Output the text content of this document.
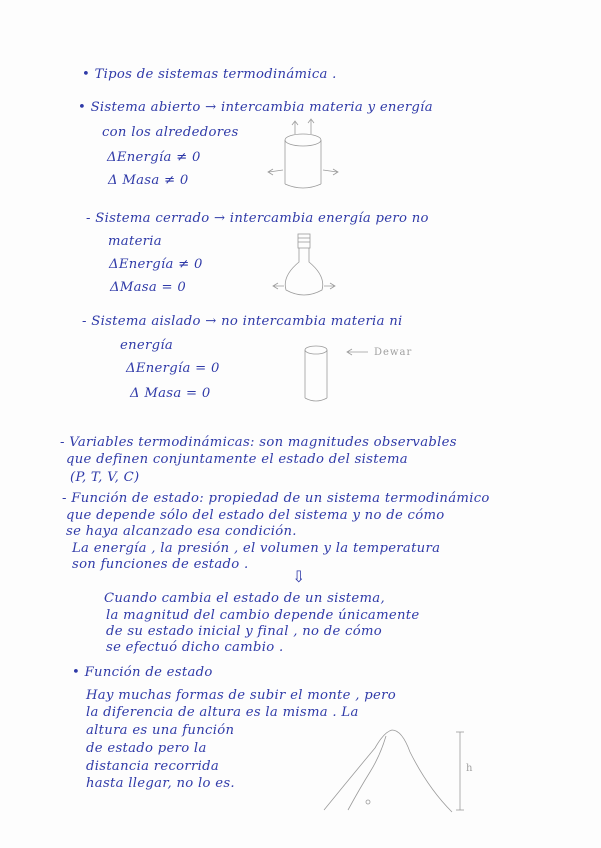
• Tipos de sistemas termodinámica .
• Sistema abierto → intercambia materia y energía
con los alrededores
ΔEnergía ≠ 0
Δ Masa ≠ 0
- Sistema cerrado → intercambia energía pero no
materia
ΔEnergía ≠ 0
ΔMasa = 0
- Sistema aislado → no intercambia materia ni
energía
ΔEnergía = 0
Δ Masa = 0
Dewar
- Variables termodinámicas: son magnitudes observables
que definen conjuntamente el estado del sistema
(P, T, V, C)
- Función de estado: propiedad de un sistema termodinámico
que depende sólo del estado del sistema y no de cómo
se haya alcanzado esa condición.
La energía , la presión , el volumen y la temperatura
son funciones de estado .
⇩
Cuando cambia el estado de un sistema,
la magnitud del cambio depende únicamente
de su estado inicial y final , no de cómo
se efectuó dicho cambio .
• Función de estado
Hay muchas formas de subir el monte , pero
la diferencia de altura es la misma . La
altura es una función
de estado pero la
distancia recorrida
hasta llegar, no lo es.
h
